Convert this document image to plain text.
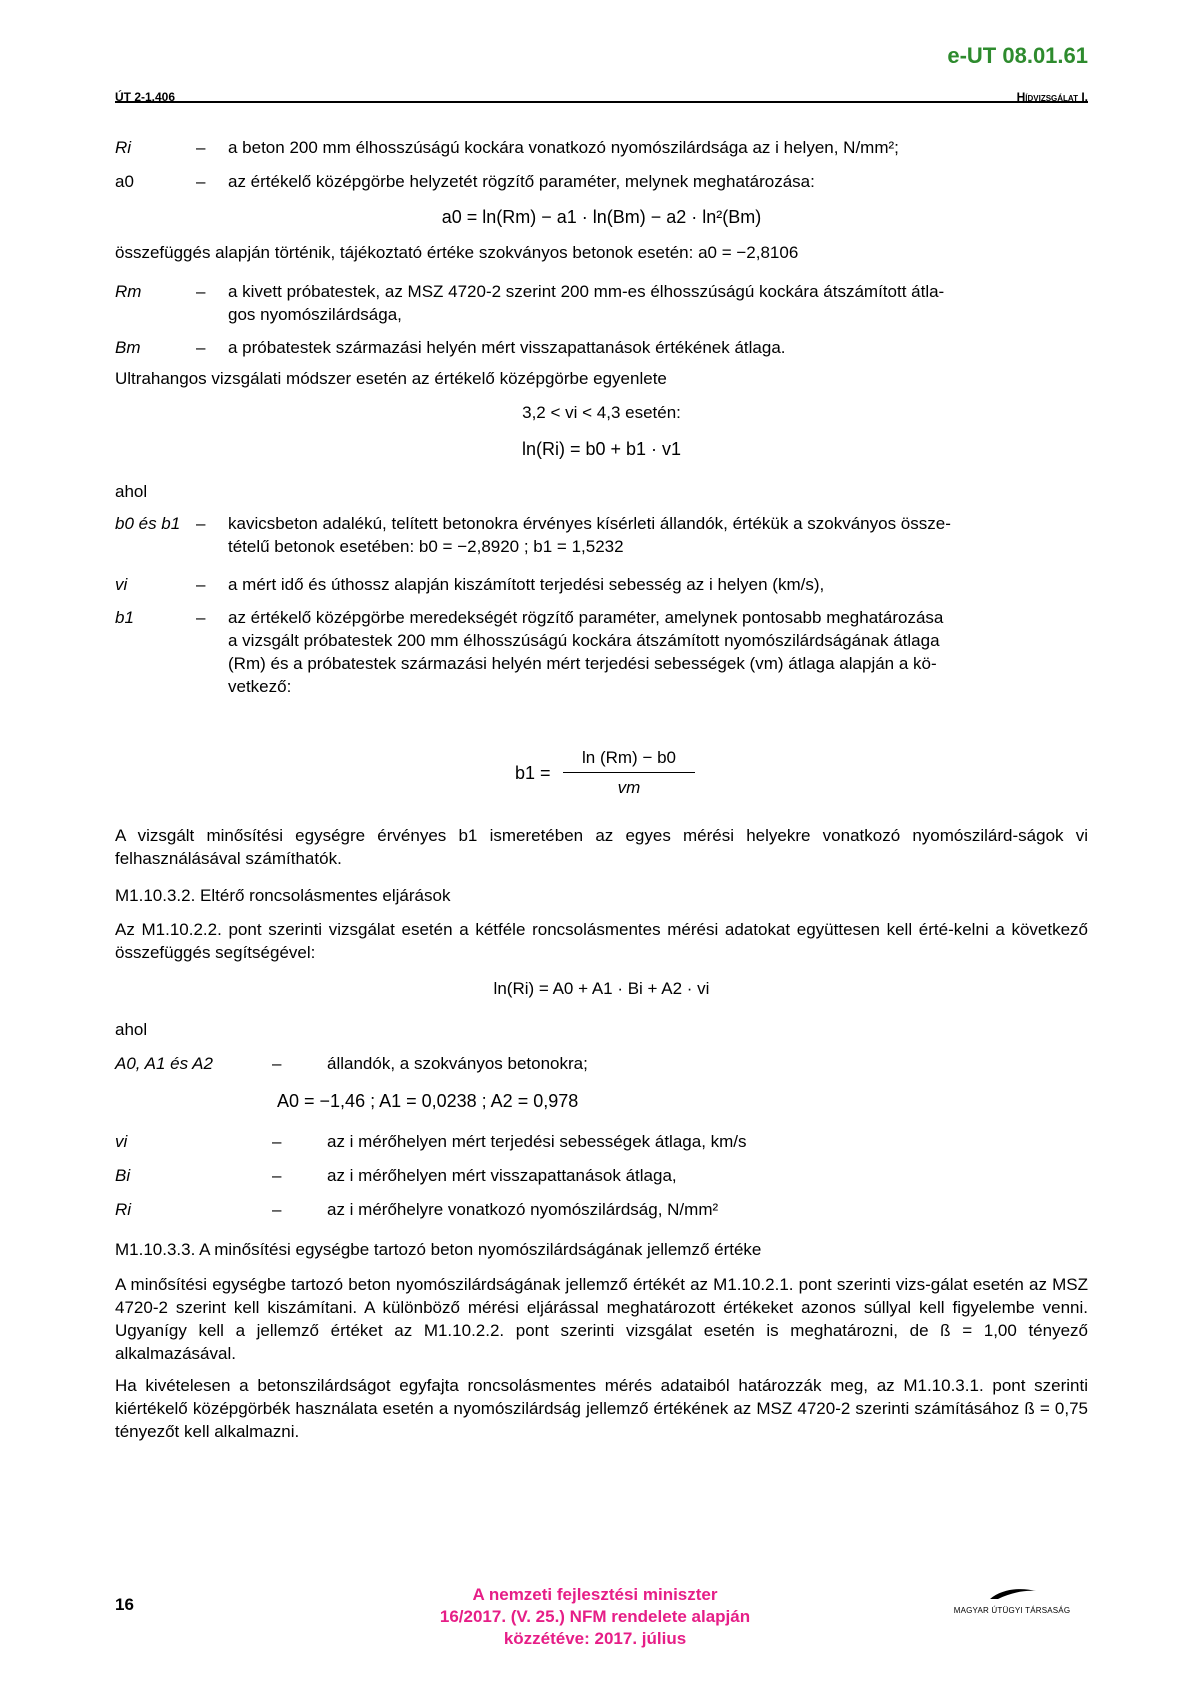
e-UT 08.01.61
ÚT 2-1.406	Hídvizsgálat I.
Ri	– a beton 200 mm élhosszúságú kockára vonatkozó nyomószilárdsága az i helyen, N/mm²;
a0	– az értékelő középgörbe helyzetét rögzítő paraméter, melynek meghatározása:
a0 = ln(Rm) − a1 · ln(Bm) − a2 · ln²(Bm)
összefüggés alapján történik, tájékoztató értéke szokványos betonok esetén: a0 = −2,8106
Rm	– a kivett próbatestek, az MSZ 4720-2 szerint 200 mm-es élhosszúságú kockára átszámított átla-
gos nyomószilárdsága,
Bm	– a próbatestek származási helyén mért visszapattanások értékének átlaga.
Ultrahangos vizsgálati módszer esetén az értékelő középgörbe egyenlete
3,2 < vi < 4,3 esetén:
ln(Ri) = b0 + b1 · v1
ahol
b0 és b1 – kavicsbeton adalékú, telített betonokra érvényes kísérleti állandók, értékük a szokványos össze-
tételű betonok esetében: b0 = −2,8920 ; b1 = 1,5232
vi	– a mért idő és úthossz alapján kiszámított terjedési sebesség az i helyen (km/s),
b1	– az értékelő középgörbe meredekségét rögzítő paraméter, amelynek pontosabb meghatározása
a vizsgált próbatestek 200 mm élhosszúságú kockára átszámított nyomószilárdságának átlaga
(Rm) és a próbatestek származási helyén mért terjedési sebességek (vm) átlaga alapján a kö-
vetkező:
b1 =
ln (Rm) − b0
vm
A vizsgált minősítési egységre érvényes b1 ismeretében az egyes mérési helyekre vonatkozó nyomószilárd-ságok vi felhasználásával számíthatók.
M1.10.3.2. Eltérő roncsolásmentes eljárások
Az M1.10.2.2. pont szerinti vizsgálat esetén a kétféle roncsolásmentes mérési adatokat együttesen kell érté-kelni a következő összefüggés segítségével:
ln(Ri) = A0 + A1 · Bi + A2 · vi
ahol
A0, A1 és A2	–	állandók, a szokványos betonokra;
A0 = −1,46 ; A1 = 0,0238 ; A2 = 0,978
vi	–	az i mérőhelyen mért terjedési sebességek átlaga, km/s
Bi	–	az i mérőhelyen mért visszapattanások átlaga,
Ri	–	az i mérőhelyre vonatkozó nyomószilárdság, N/mm²
M1.10.3.3. A minősítési egységbe tartozó beton nyomószilárdságának jellemző értéke
A minősítési egységbe tartozó beton nyomószilárdságának jellemző értékét az M1.10.2.1. pont szerinti vizs-gálat esetén az MSZ 4720-2 szerint kell kiszámítani. A különböző mérési eljárással meghatározott értékeket azonos súllyal kell figyelembe venni. Ugyanígy kell a jellemző értéket az M1.10.2.2. pont szerinti vizsgálat esetén is meghatározni, de ß = 1,00 tényező alkalmazásával.
Ha kivételesen a betonszilárdságot egyfajta roncsolásmentes mérés adataiból határozzák meg, az M1.10.3.1. pont szerinti kiértékelő középgörbék használata esetén a nyomószilárdság jellemző értékének az MSZ 4720-2 szerinti számításához ß = 0,75 tényezőt kell alkalmazni.
16
A nemzeti fejlesztési miniszter
16/2017. (V. 25.) NFM rendelete alapján
közzétéve: 2017. július
MAGYAR ÚTÜGYI TÁRSASÁG
